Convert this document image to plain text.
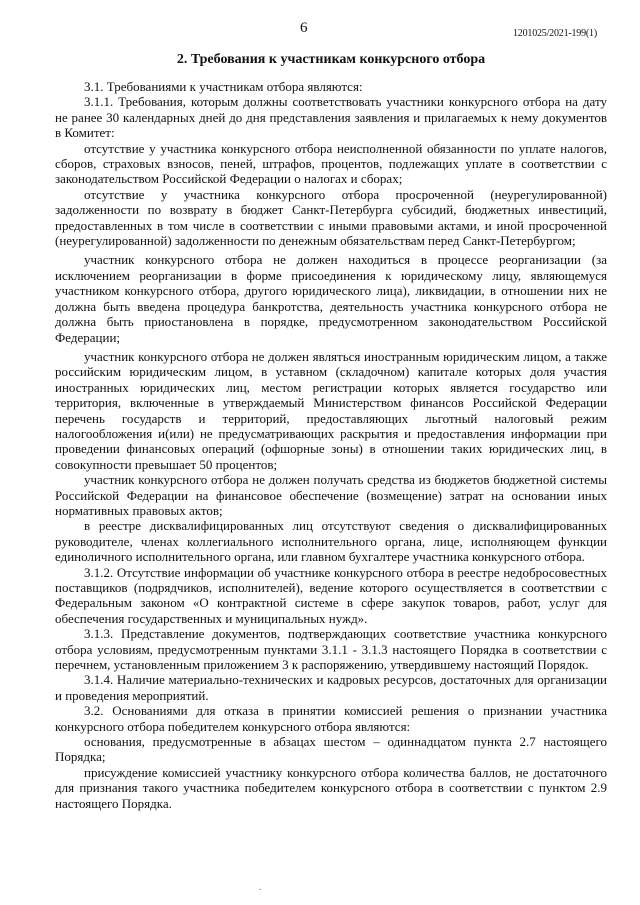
6	1201025/2021-199(1)
2. Требования к участникам конкурсного отбора

3.1. Требованиями к участникам отбора являются:

3.1.1. Требования, которым должны соответствовать участники конкурсного отбора на дату не ранее 30 календарных дней до дня представления заявления и прилагаемых к нему документов в Комитет:

отсутствие у участника конкурсного отбора неисполненной обязанности по уплате налогов, сборов, страховых взносов, пеней, штрафов, процентов, подлежащих уплате в соответствии с законодательством Российской Федерации о налогах и сборах;

отсутствие у участника конкурсного отбора просроченной (неурегулированной) задолженности по возврату в бюджет Санкт-Петербурга субсидий, бюджетных инвестиций, предоставленных в том числе в соответствии с иными правовыми актами, и иной просроченной (неурегулированной) задолженности по денежным обязательствам перед Санкт-Петербургом;

участник конкурсного отбора не должен находиться в процессе реорганизации (за исключением реорганизации в форме присоединения к юридическому лицу, являющемуся участником конкурсного отбора, другого юридического лица), ликвидации, в отношении них не должна быть введена процедура банкротства, деятельность участника конкурсного отбора не должна быть приостановлена в порядке, предусмотренном законодательством Российской Федерации;

участник конкурсного отбора не должен являться иностранным юридическим лицом, а также российским юридическим лицом, в уставном (складочном) капитале которых доля участия иностранных юридических лиц, местом регистрации которых является государство или территория, включенные в утверждаемый Министерством финансов Российской Федерации перечень государств и территорий, предоставляющих льготный налоговый режим налогообложения и(или) не предусматривающих раскрытия и предоставления информации при проведении финансовых операций (офшорные зоны) в отношении таких юридических лиц, в совокупности превышает 50 процентов;

участник конкурсного отбора не должен получать средства из бюджетов бюджетной системы Российской Федерации на финансовое обеспечение (возмещение) затрат на основании иных нормативных правовых актов;

в реестре дисквалифицированных лиц отсутствуют сведения о дисквалифицированных руководителе, членах коллегиального исполнительного органа, лице, исполняющем функции единоличного исполнительного органа, или главном бухгалтере участника конкурсного отбора.

3.1.2. Отсутствие информации об участнике конкурсного отбора в реестре недобросовестных поставщиков (подрядчиков, исполнителей), ведение которого осуществляется в соответствии с Федеральным законом «О контрактной системе в сфере закупок товаров, работ, услуг для обеспечения государственных и муниципальных нужд».

3.1.3. Представление документов, подтверждающих соответствие участника конкурсного отбора условиям, предусмотренным пунктами 3.1.1 - 3.1.3 настоящего Порядка в соответствии с перечнем, установленным приложением 3 к распоряжению, утвердившему настоящий Порядок.

3.1.4. Наличие материально-технических и кадровых ресурсов, достаточных для организации и проведения мероприятий.

3.2. Основаниями для отказа в принятии комиссией решения о признании участника конкурсного отбора победителем конкурсного отбора являются:

основания, предусмотренные в абзацах шестом – одиннадцатом пункта 2.7 настоящего Порядка;

присуждение комиссией участнику конкурсного отбора количества баллов, не достаточного для признания такого участника победителем конкурсного отбора в соответствии с пунктом 2.9 настоящего Порядка.

.
